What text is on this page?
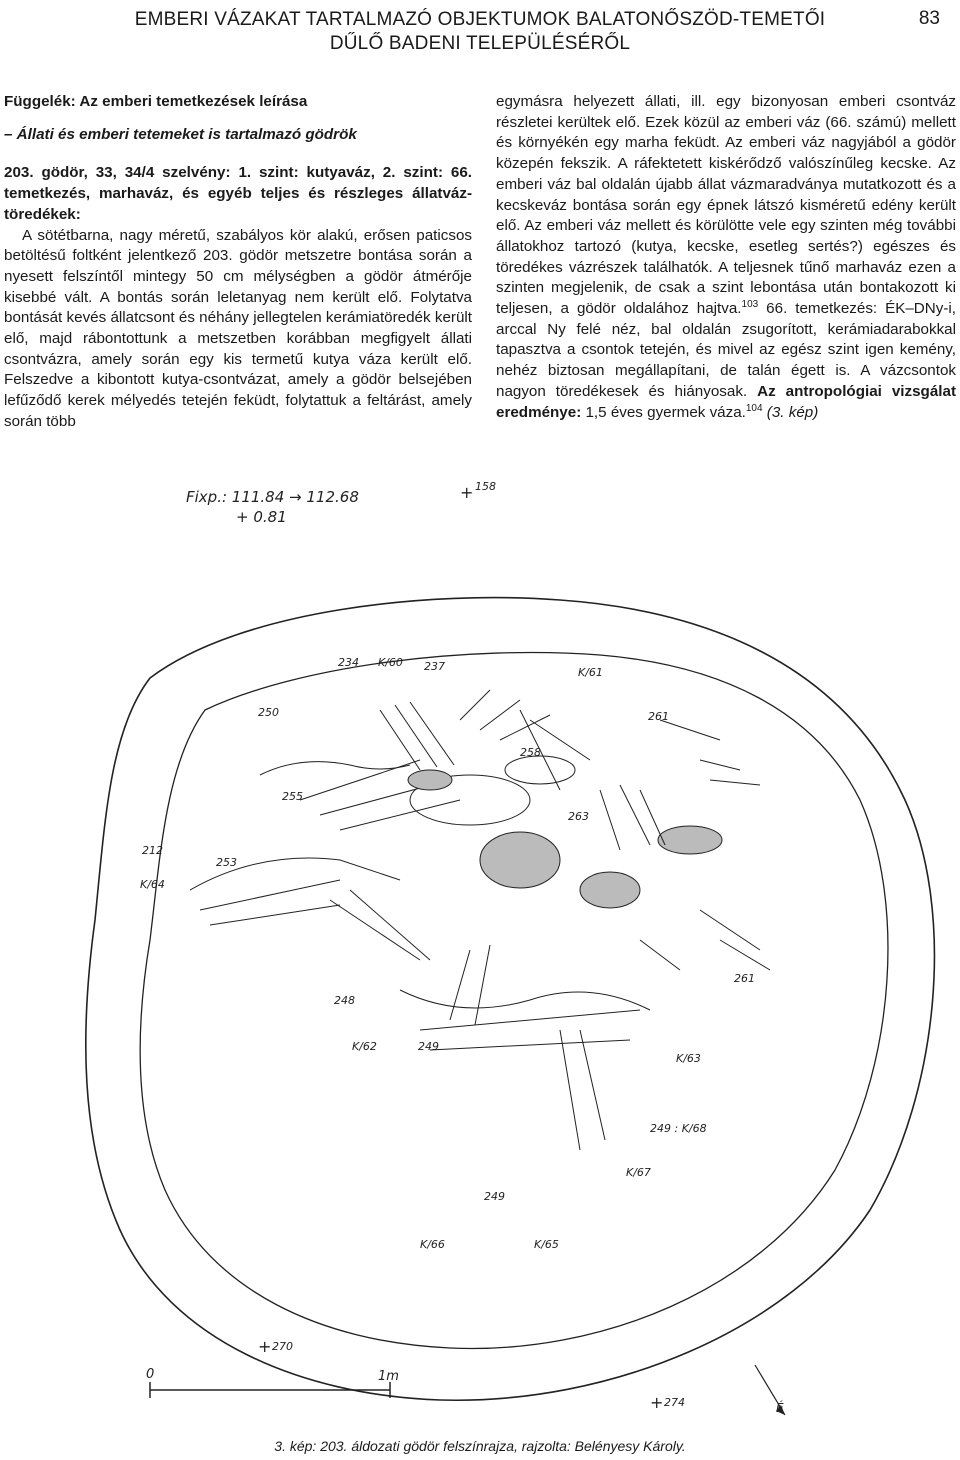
EMBERI VÁZAKAT TARTALMAZÓ OBJEKTUMOK BALATONŐSZÖD-TEMETŐI
DŰLŐ BADENI TELEPÜLÉSÉRŐL
83

Függelék: Az emberi temetkezések leírása

– Állati és emberi tetemeket is tartalmazó gödrök

203. gödör, 33, 34/4 szelvény: 1. szint: kutyaváz, 2. szint: 66. temetkezés, marhaváz, és egyéb teljes és részleges állatváz-töredékek:

A sötétbarna, nagy méretű, szabályos kör alakú, erősen paticsos betöltésű foltként jelentkező 203. gödör metszetre bontása során a nyesett felszíntől mintegy 50 cm mélységben a gödör átmérője kisebbé vált. A bontás során leletanyag nem került elő. Folytatva bontását kevés állatcsont és néhány jellegtelen kerámiatöredék került elő, majd rábontottunk a metszetben korábban megfigyelt állati csontvázra, amely során egy kis termetű kutya váza került elő. Felszedve a kibontott kutya-csontvázat, amely a gödör belsejében lefűződő kerek mélyedés tetején feküdt, folytattuk a feltárást, amely során több

egymásra helyezett állati, ill. egy bizonyosan emberi csontváz részletei kerültek elő. Ezek közül az emberi váz (66. számú) mellett és környékén egy marha feküdt. Az emberi váz nagyjából a gödör közepén fekszik. A ráfektetett kiskérődző valószínűleg kecske. Az emberi váz bal oldalán újabb állat vázmaradványa mutatkozott és a kecskeváz bontása során egy épnek látszó kisméretű edény került elő. Az emberi váz mellett és körülötte vele egy szinten még további állatokhoz tartozó (kutya, kecske, esetleg sertés?) egészes és töredékes vázrészek találhatók. A teljesnek tűnő marhaváz ezen a szinten megjelenik, de csak a szint lebontása után bontakozott ki teljesen, a gödör oldalához hajtva.$^{103}$ 66. temetkezés: ÉK–DNy-i, arccal Ny felé néz, bal oldalán zsugorított, kerámiadarabokkal tapasztva a csontok tetején, és mivel az egész szint igen kemény, nehéz biztosan megállapítani, de talán égett is. A vázcsontok nagyon töredékesek és hiányosak. Az antropológiai vizsgálat eredménye: 1,5 éves gyermek váza.$^{104}$ (3. kép)

Fixp.: 111.84 → 112.68
+ 0.81
+ 158
+ 270
+ 274
234 K/60 237	K/61
250	261
258
255
263
212
K/64
253
248
261
K/62	249
K/63
249 : K/68
K/67
249
K/66	K/65
0	1m
É
3. kép: 203. áldozati gödör felszínrajza, rajzolta: Belényesy Károly.
